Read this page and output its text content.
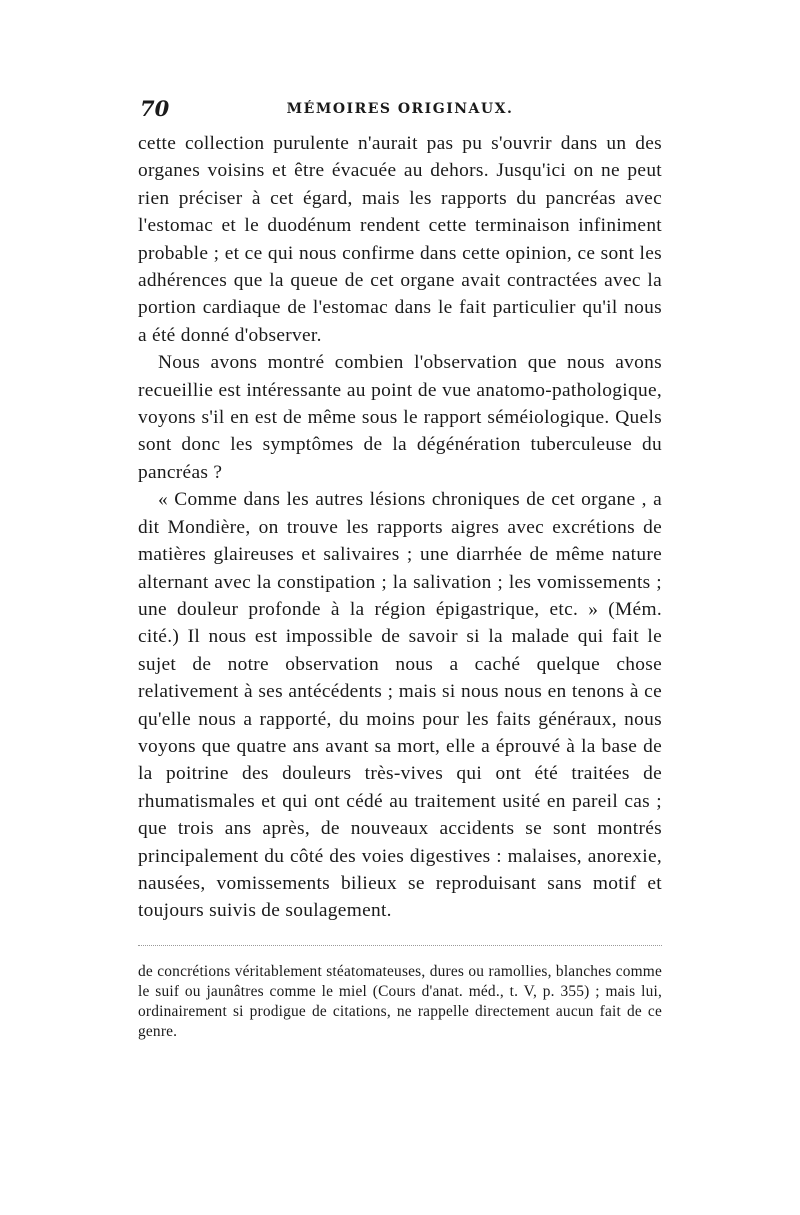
70	MÉMOIRES ORIGINAUX.

cette collection purulente n'aurait pas pu s'ouvrir dans un des organes voisins et être évacuée au dehors. Jusqu'ici on ne peut rien préciser à cet égard, mais les rapports du pancréas avec l'estomac et le duodénum rendent cette terminaison infiniment probable ; et ce qui nous confirme dans cette opinion, ce sont les adhérences que la queue de cet organe avait contractées avec la portion cardiaque de l'estomac dans le fait particulier qu'il nous a été donné d'observer.

Nous avons montré combien l'observation que nous avons recueillie est intéressante au point de vue anatomo-pathologique, voyons s'il en est de même sous le rapport séméiologique. Quels sont donc les symptômes de la dégénération tuberculeuse du pancréas ?

« Comme dans les autres lésions chroniques de cet organe , a dit Mondière, on trouve les rapports aigres avec excrétions de matières glaireuses et salivaires ; une diarrhée de même nature alternant avec la constipation ; la salivation ; les vomissements ; une douleur profonde à la région épigastrique, etc. » (Mém. cité.) Il nous est impossible de savoir si la malade qui fait le sujet de notre observation nous a caché quelque chose relativement à ses antécédents ; mais si nous nous en tenons à ce qu'elle nous a rapporté, du moins pour les faits généraux, nous voyons que quatre ans avant sa mort, elle a éprouvé à la base de la poitrine des douleurs très-vives qui ont été traitées de rhumatismales et qui ont cédé au traitement usité en pareil cas ; que trois ans après, de nouveaux accidents se sont montrés principalement du côté des voies digestives : malaises, anorexie, nausées, vomissements bilieux se reproduisant sans motif et toujours suivis de soulagement.

de concrétions véritablement stéatomateuses, dures ou ramollies, blanches comme le suif ou jaunâtres comme le miel (Cours d'anat. méd., t. V, p. 355) ; mais lui, ordinairement si prodigue de citations, ne rappelle directement aucun fait de ce genre.
